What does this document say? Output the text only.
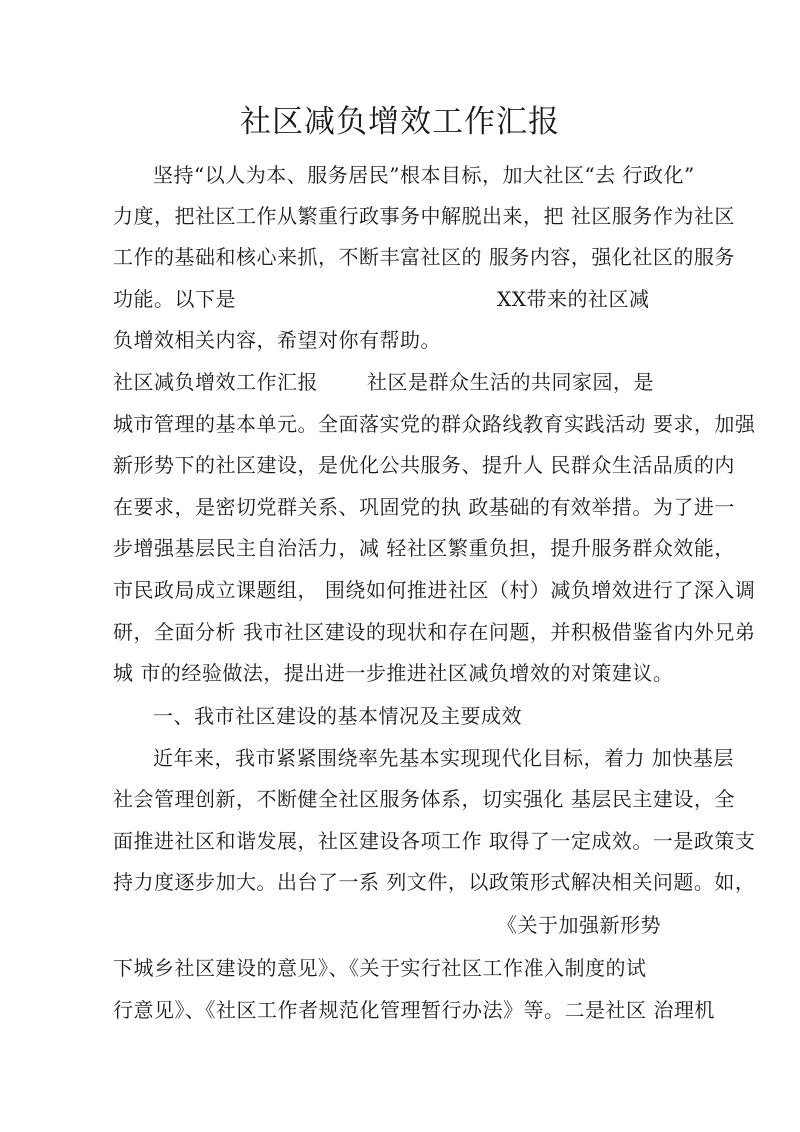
社区减负增效工作汇报
坚持“以人为本、服务居民”根本目标，加大社区“去 行政化”
力度，把社区工作从繁重行政事务中解脱出来，把 社区服务作为社区
工作的基础和核心来抓，不断丰富社区的 服务内容，强化社区的服务
功能。以下是	XX带来的社区减
负增效相关内容，希望对你有帮助。
社区减负增效工作汇报 社区是群众生活的共同家园，是
城市管理的基本单元。全面落实党的群众路线教育实践活动 要求，加强
新形势下的社区建设，是优化公共服务、提升人 民群众生活品质的内
在要求，是密切党群关系、巩固党的执 政基础的有效举措。为了进一
步增强基层民主自治活力，减 轻社区繁重负担，提升服务群众效能，
市民政局成立课题组， 围绕如何推进社区（村）减负增效进行了深入调
研，全面分析 我市社区建设的现状和存在问题，并积极借鉴省内外兄弟
城 市的经验做法，提出进一步推进社区减负增效的对策建议。
一、我市社区建设的基本情况及主要成效
近年来，我市紧紧围绕率先基本实现现代化目标，着力 加快基层
社会管理创新，不断健全社区服务体系，切实强化 基层民主建设，全
面推进社区和谐发展，社区建设各项工作 取得了一定成效。一是政策支
持力度逐步加大。出台了一系 列文件，以政策形式解决相关问题。如，
《关于加强新形势
下城乡社区建设的意见》、《关于实行社区工作准入制度的试
行意见》、《社区工作者规范化管理暂行办法》等。二是社区 治理机
